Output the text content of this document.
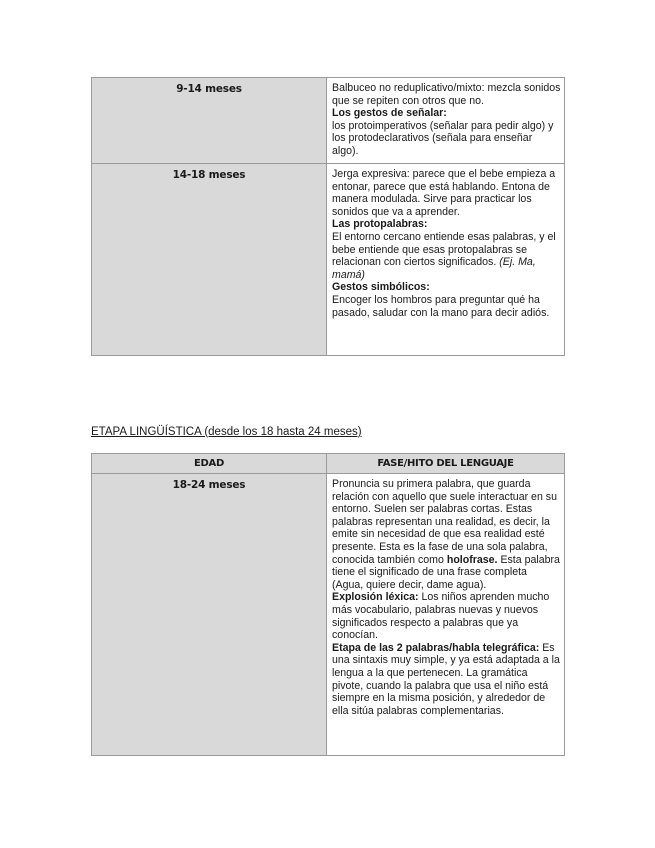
9-14 meses	Balbuceo no reduplicativo/mixto: mezcla sonidos que se repiten con otros que no.

Los gestos de señalar:

los protoimperativos (señalar para pedir algo) y los protodeclarativos (señala para enseñar algo).

14-18 meses	Jerga expresiva: parece que el bebe empieza a entonar, parece que está hablando. Entona de manera modulada. Sirve para practicar los sonidos que va a aprender.

Las protopalabras:

El entorno cercano entiende esas palabras, y el bebe entiende que esas protopalabras se relacionan con ciertos significados. (Ej. Ma, mamá)

Gestos simbólicos:

Encoger los hombros para preguntar qué ha pasado, saludar con la mano para decir adiós.

ETAPA LINGÜÍSTICA (desde los 18 hasta 24 meses)

EDAD	FASE/HITO DEL LENGUAJE

18-24 meses	Pronuncia su primera palabra, que guarda relación con aquello que suele interactuar en su entorno. Suelen ser palabras cortas. Estas palabras representan una realidad, es decir, la emite sin necesidad de que esa realidad esté presente. Esta es la fase de una sola palabra, conocida también como holofrase. Esta palabra tiene el significado de una frase completa (Agua, quiere decir, dame agua).

Explosión léxica: Los niños aprenden mucho más vocabulario, palabras nuevas y nuevos significados respecto a palabras que ya conocían.

Etapa de las 2 palabras/habla telegráfica: Es una sintaxis muy simple, y ya está adaptada a la lengua a la que pertenecen. La gramática pivote, cuando la palabra que usa el niño está siempre en la misma posición, y alrededor de ella sitúa palabras complementarias.
